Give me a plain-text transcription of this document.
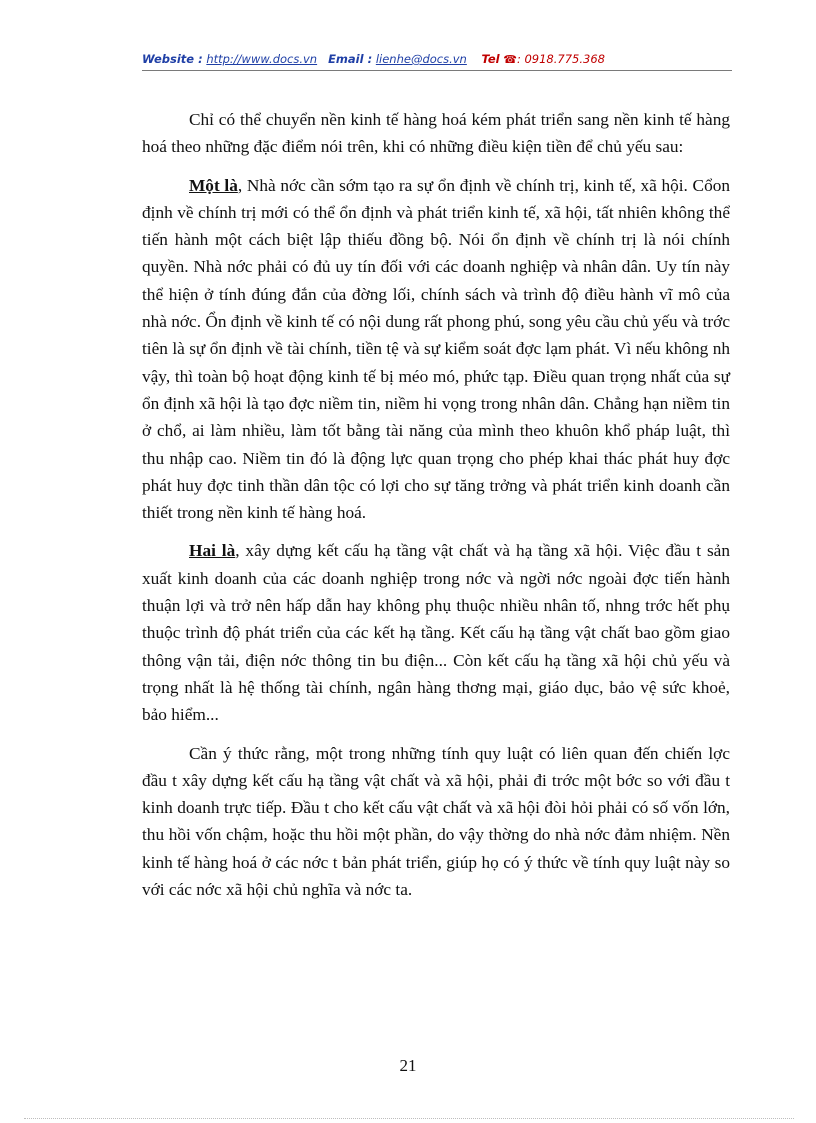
Website : http://www.docs.vn Email : lienhe@docs.vn Tel ☎: 0918.775.368

Chỉ có thể chuyển nền kinh tế hàng hoá kém phát triển sang nền kinh tế hàng hoá theo những đặc điểm nói trên, khi có những điều kiện tiền để chủ yếu sau:

Một là, Nhà nớc cần sớm tạo ra sự ổn định về chính trị, kinh tế, xã hội. Cổon định về chính trị mới có thể ổn định và phát triển kinh tế, xã hội, tất nhiên không thể tiến hành một cách biệt lập thiếu đồng bộ. Nói ổn định về chính trị là nói chính quyền. Nhà nớc phải có đủ uy tín đối với các doanh nghiệp và nhân dân. Uy tín này thể hiện ở tính đúng đắn của đờng lối, chính sách và trình độ điều hành vĩ mô của nhà nớc. Ổn định về kinh tế có nội dung rất phong phú, song yêu cầu chủ yếu và trớc tiên là sự ổn định về tài chính, tiền tệ và sự kiểm soát đợc lạm phát. Vì nếu không nh vậy, thì toàn bộ hoạt động kinh tế bị méo mó, phức tạp. Điều quan trọng nhất của sự ổn định xã hội là tạo đợc niềm tin, niềm hi vọng trong nhân dân. Chẳng hạn niềm tin ở chổ, ai làm nhiều, làm tốt bằng tài năng của mình theo khuôn khổ pháp luật, thì thu nhập cao. Niềm tin đó là động lực quan trọng cho phép khai thác phát huy đợc phát huy đợc tinh thần dân tộc có lợi cho sự tăng trởng và phát triển kinh doanh cần thiết trong nền kinh tế hàng hoá.

Hai là, xây dựng kết cấu hạ tầng vật chất và hạ tầng xã hội. Việc đầu t sản xuất kinh doanh của các doanh nghiệp trong nớc và ngời nớc ngoài đợc tiến hành thuận lợi và trở nên hấp dẫn hay không phụ thuộc nhiều nhân tố, nhng trớc hết phụ thuộc trình độ phát triển của các kết hạ tầng. Kết cấu hạ tầng vật chất bao gồm giao thông vận tải, điện nớc thông tin bu điện... Còn kết cấu hạ tầng xã hội chủ yếu và trọng nhất là hệ thống tài chính, ngân hàng thơng mại, giáo dục, bảo vệ sức khoẻ, bảo hiểm...

Cần ý thức rằng, một trong những tính quy luật có liên quan đến chiến lợc đầu t xây dựng kết cấu hạ tầng vật chất và xã hội, phải đi trớc một bớc so với đầu t kinh doanh trực tiếp. Đầu t cho kết cấu vật chất và xã hội đòi hỏi phải có số vốn lớn, thu hồi vốn chậm, hoặc thu hồi một phần, do vậy thờng do nhà nớc đảm nhiệm. Nền kinh tế hàng hoá ở các nớc t bản phát triển, giúp họ có ý thức về tính quy luật này so với các nớc xã hội chủ nghĩa và nớc ta.

21
